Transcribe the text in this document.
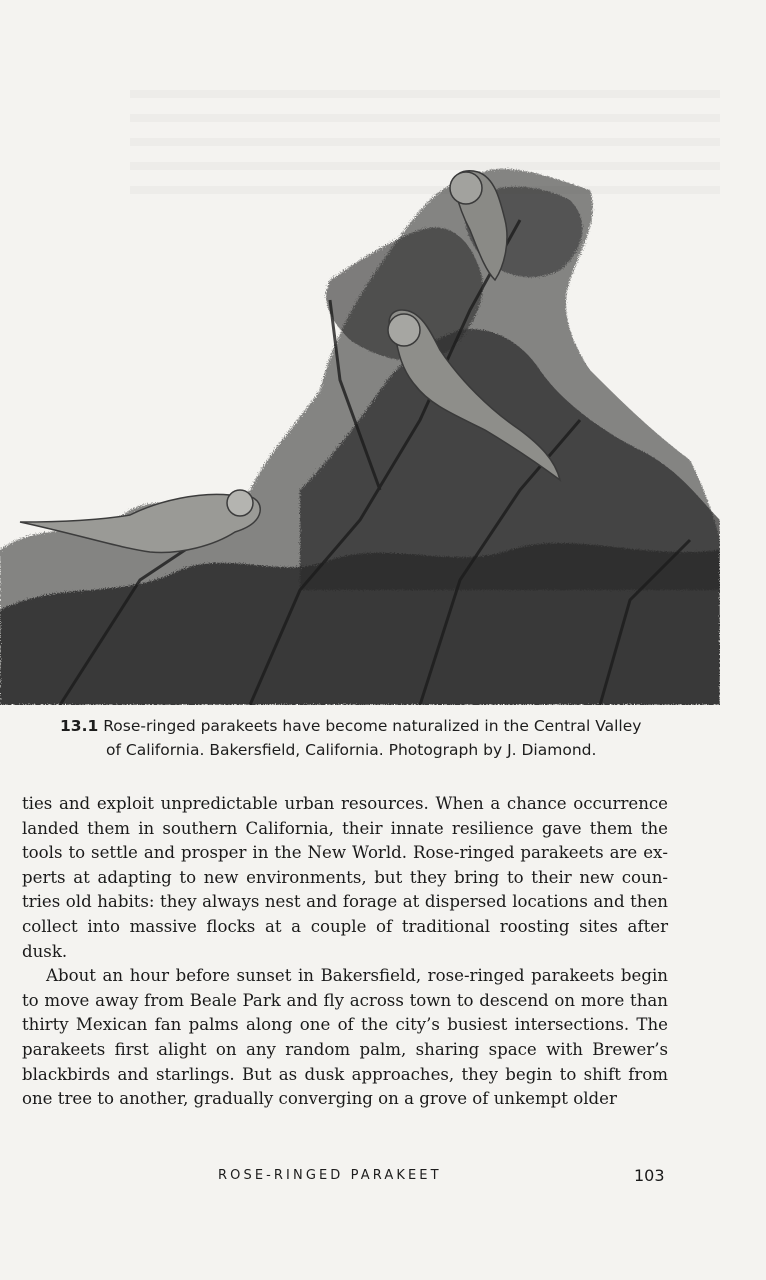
13.1 Rose-ringed parakeets have become naturalized in the Central Valley
of California. Bakersfield, California. Photograph by J. Diamond.

ties and exploit unpredictable urban resources. When a chance occurrence landed them in southern California, their innate resilience gave them the tools to settle and prosper in the New World. Rose-ringed parakeets are experts at adapting to new environments, but they bring to their new countries old habits: they always nest and forage at dispersed locations and then collect into massive flocks at a couple of traditional roosting sites after dusk.

About an hour before sunset in Bakersfield, rose-ringed parakeets begin to move away from Beale Park and fly across town to descend on more than thirty Mexican fan palms along one of the city’s busiest intersections. The parakeets first alight on any random palm, sharing space with Brewer’s blackbirds and starlings. But as dusk approaches, they begin to shift from one tree to another, gradually converging on a grove of unkempt older

ROSE-RINGED PARAKEET	103
